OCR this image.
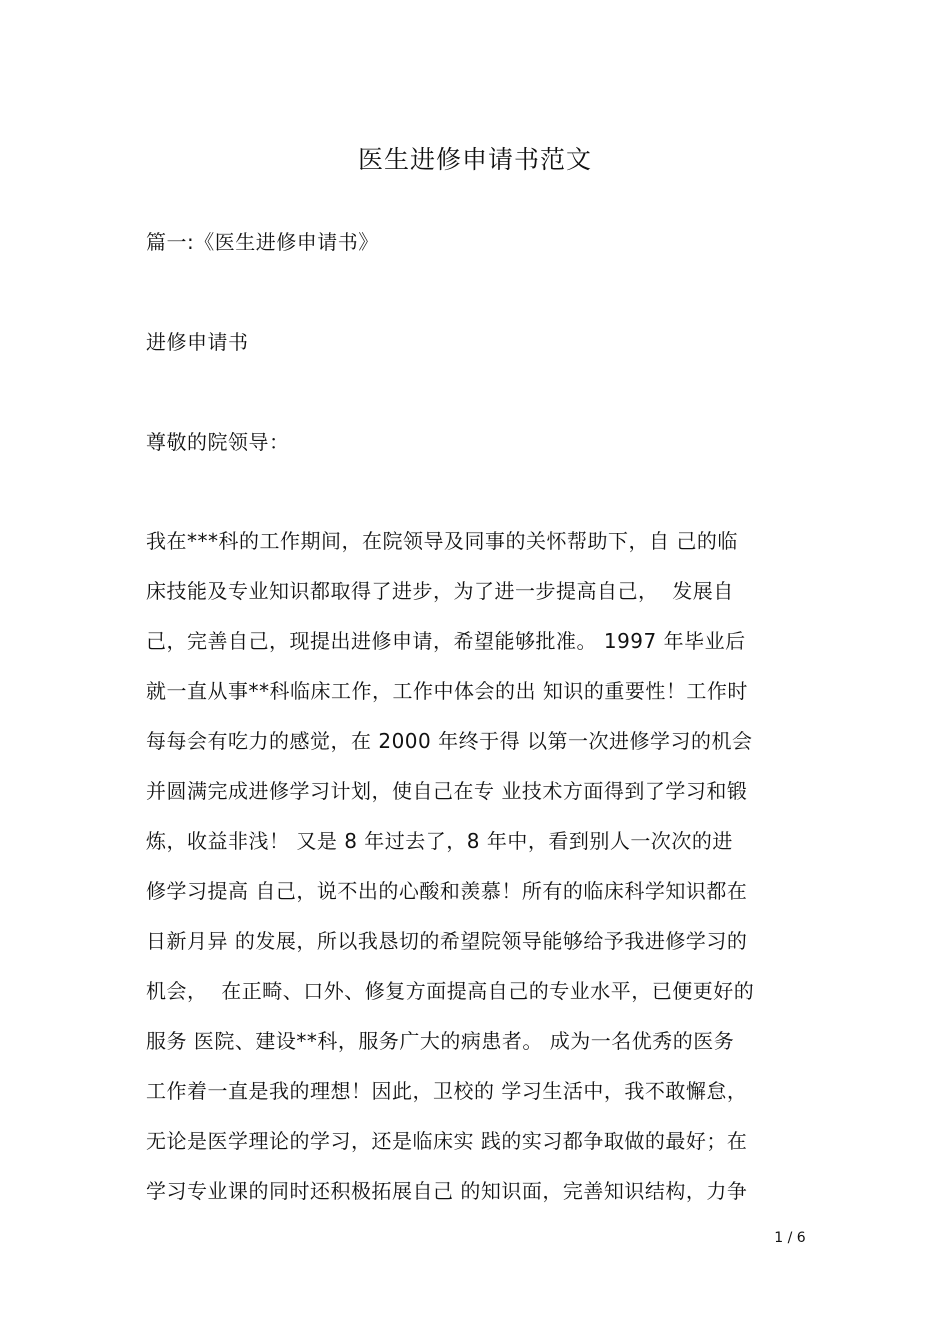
医生进修申请书范文
篇一:《医生进修申请书》
进修申请书
尊敬的院领导：
我在***科的工作期间，在院领导及同事的关怀帮助下，自 己的临
床技能及专业知识都取得了进步，为了进一步提高自己，  发展自
己，完善自己，现提出进修申请，希望能够批准。 1997 年毕业后
就一直从事**科临床工作，工作中体会的出 知识的重要性！工作时
每每会有吃力的感觉，在 2000 年终于得 以第一次进修学习的机会
并圆满完成进修学习计划，使自己在专 业技术方面得到了学习和锻
炼，收益非浅！ 又是 8 年过去了，8 年中，看到别人一次次的进
修学习提高 自己，说不出的心酸和羡慕！所有的临床科学知识都在
日新月异 的发展，所以我恳切的希望院领导能够给予我进修学习的
机会，  在正畸、口外、修复方面提高自己的专业水平，已便更好的
服务 医院、建设**科，服务广大的病患者。 成为一名优秀的医务
工作着一直是我的理想！因此，卫校的 学习生活中，我不敢懈怠，
无论是医学理论的学习，还是临床实 践的实习都争取做的最好；在
学习专业课的同时还积极拓展自己 的知识面，完善知识结构，力争
1 / 6
